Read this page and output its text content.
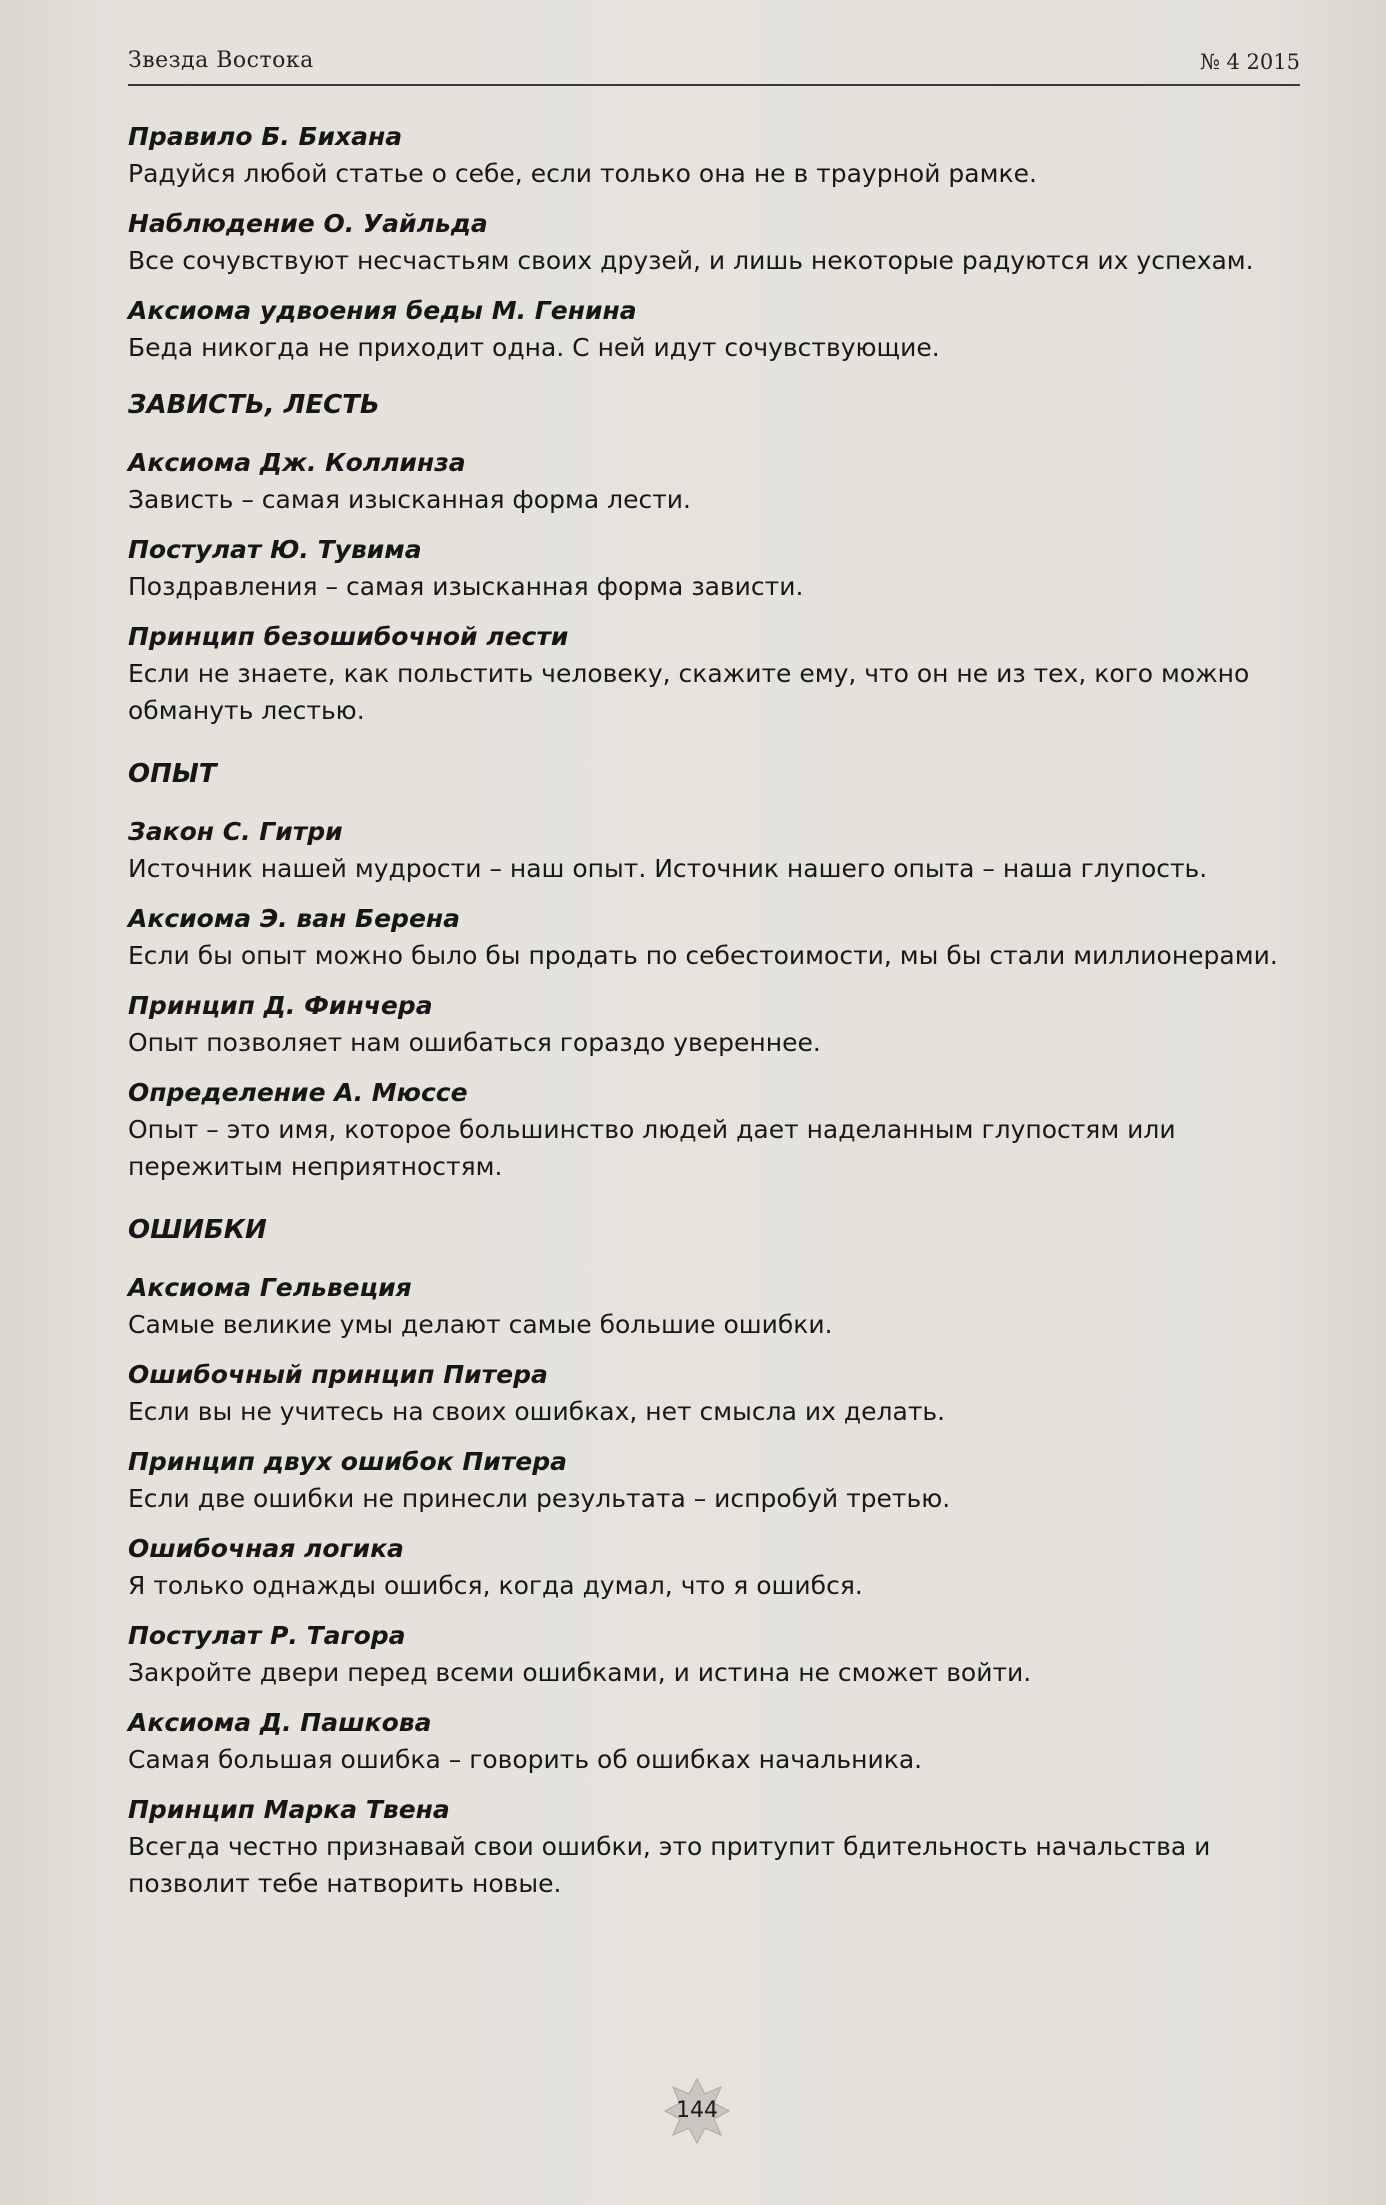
Звезда Востока	№ 4 2015
Правило Б. Бихана
Радуйся любой статье о себе, если только она не в траурной рамке.
Наблюдение О. Уайльда
Все сочувствуют несчастьям своих друзей, и лишь некоторые радуются их успехам.
Аксиома удвоения беды М. Генина
Беда никогда не приходит одна. С ней идут сочувствующие.
ЗАВИСТЬ, ЛЕСТЬ
Аксиома Дж. Коллинза
Зависть – самая изысканная форма лести.
Постулат Ю. Тувима
Поздравления – самая изысканная форма зависти.
Принцип безошибочной лести
Если не знаете, как польстить человеку, скажите ему, что он не из тех, кого можно обмануть лестью.
ОПЫТ
Закон С. Гитри
Источник нашей мудрости – наш опыт. Источник нашего опыта – наша глупость.
Аксиома Э. ван Берена
Если бы опыт можно было бы продать по себестоимости, мы бы стали миллионерами.
Принцип Д. Финчера
Опыт позволяет нам ошибаться гораздо увереннее.
Определение А. Мюссе
Опыт – это имя, которое большинство людей дает наделанным глупостям или пережитым неприятностям.
ОШИБКИ
Аксиома Гельвеция
Самые великие умы делают самые большие ошибки.
Ошибочный принцип Питера
Если вы не учитесь на своих ошибках, нет смысла их делать.
Принцип двух ошибок Питера
Если две ошибки не принесли результата – испробуй третью.
Ошибочная логика
Я только однажды ошибся, когда думал, что я ошибся.
Постулат Р. Тагора
Закройте двери перед всеми ошибками, и истина не сможет войти.
Аксиома Д. Пашкова
Самая большая ошибка – говорить об ошибках начальника.
Принцип Марка Твена
Всегда честно признавай свои ошибки, это притупит бдительность начальства и позволит тебе натворить новые.
144
